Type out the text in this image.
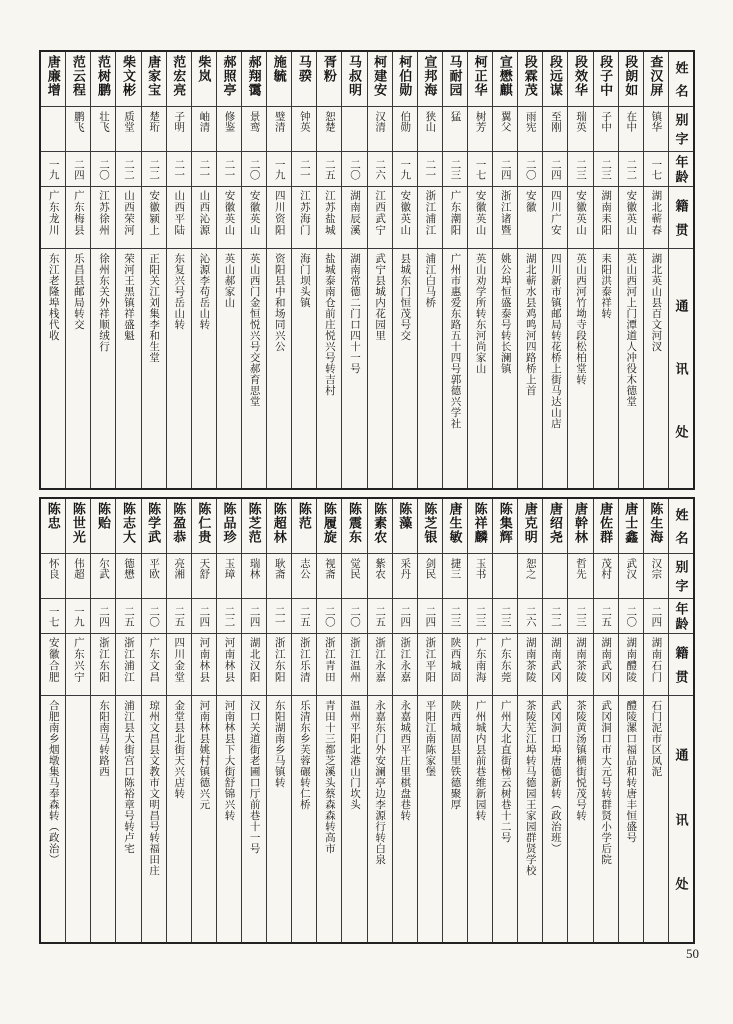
姓
名
别
字
年
龄
籍
贯
通
讯
处
查汉屏
镇华
一七
湖北蕲春
湖北英山县百文河汊
段朗如
在中
二二
安徽英山
英山西河上门潭道人冲役木德堂
段子中
子中
二三
湖南耒阳
耒阳洪泰祥转
段效华
瑞英
二三
安徽英山
英山西河竹坳寺段松柏堂转
段远谋
至刚
二四
四川广安
四川新市镇邮局转花桥上街马达山店
段霖茂
雨宪
二〇
安徽
湖北蕲水县鸡鸣河四路桥上首
宣懋麒
翼父
二四
浙江诸暨
姚公埠恒盛泰号转长澜镇
柯正华
树芳
一七
安徽英山
英山劝学所转东河尚家山
马耐园
猛
二三
广东潮阳
广州市惠爱东路五十四号郭德兴学社
宣邦海
狭山
二一
浙江浦江
浦江白马桥
柯伯勋
伯勋
一九
安徽英山
县城东门恒茂号交
柯建安
汉清
二六
江西武宁
武宁县城内花园里
马叔明
二〇
湖南辰溪
湖南常德二门口四十一号
胥粉
恕楚
二五
江苏盐城
盐城泰南仓前庄悦兴号转吉村
马骙
钟英
二一
江苏海门
海门坝头镇
施毓
璧清
一九
四川资阳
资阳县中和场同兴公
郝翔霭
景鸾
二〇
安徽英山
英山西门金恒悦兴号交郝育思堂
郝照亭
修鉴
二一
安徽英山
英山郝家山
柴岚
岫清
二一
山西沁源
沁源李苟岳山转
范宏亮
子明
二一
山西平陆
东复兴号岳山转
唐家宝
楚珩
二二
安徽颍上
正阳关江刘集李和生堂
柴文彬
质堂
二二
山西荣河
荣河王黑镇祥盛魁
范树鹏
壮飞
二〇
江苏徐州
徐州东关外祥顺绒行
范云程
鹏飞
二四
广东梅县
乐昌县邮局转交
唐廉增
一九
广东龙川
东江老隆埠栈代收
姓
名
别
字
年
龄
籍
贯
通
讯
处
陈生海
汉宗
二四
湖南石门
石门泥市区凤泥
唐士鑫
武汉
二〇
湖南醴陵
醴陵漯口福品和转唐丰恒盛号
唐佐群
茂村
二五
湖南武冈
武冈洞口市大元号转群贤小学后院
唐幹林
哲先
二三
湖南茶陵
茶陵黄汤镇横街悦茂号转
唐绍尧
二二
湖南武冈
武冈洞口埠唐德新转（政治班）
唐克明
恕之
二六
湖南茶陵
茶陵芜江埠转马德园王家园群贤学校
陈集辉
二三
广东东莞
广州大北直街梯云树巷十二号
陈祥麟
玉书
二三
广东南海
广州城内县前巷维新园转
唐生敏
捷三
二三
陕西城固
陕西城固县里铁德聚厚
陈芝银
剑民
二四
浙江平阳
平阳江南陈家堡
陈藻
采丹
二四
浙江永嘉
永嘉城西平庄里棋盘巷转
陈素农
紫农
二五
浙江永嘉
永嘉东门外安澜亭边李源行转白泉
陈震东
觉民
二〇
浙江温州
温州平阳北港山门坎头
陈履旋
视斋
二〇
浙江青田
青田十三都芝溪头蔡森森转高市
陈范
志公
二五
浙江乐清
乐清东乡芙蓉碾转仁桥
陈超林
耿斋
二一
浙江东阳
东阳湖南乡马镇转
陈芝范
瑞林
二四
湖北汉阳
汉口关道街老圃口厅前巷十一号
陈品珍
玉璋
二二
河南林县
河南林县下大街舒锦兴转
陈仁贵
天舒
二四
河南林县
河南林县姚村镇德兴元
陈盈恭
亮湘
二五
四川金堂
金堂县北街天兴店转
陈学武
平欧
二〇
广东文昌
琼州文昌县文教市文明昌号转福田庄
陈志大
德懋
二五
浙江浦江
浦江县大街宫口陈裕章号转卢宅
陈贻
尔武
二四
浙江东阳
东阳南马转路西
陈世光
伟超
一九
广东兴宁
陈忠
怀良
一七
安徽合肥
合肥南乡烟墩集马奉森转（政治）
50
